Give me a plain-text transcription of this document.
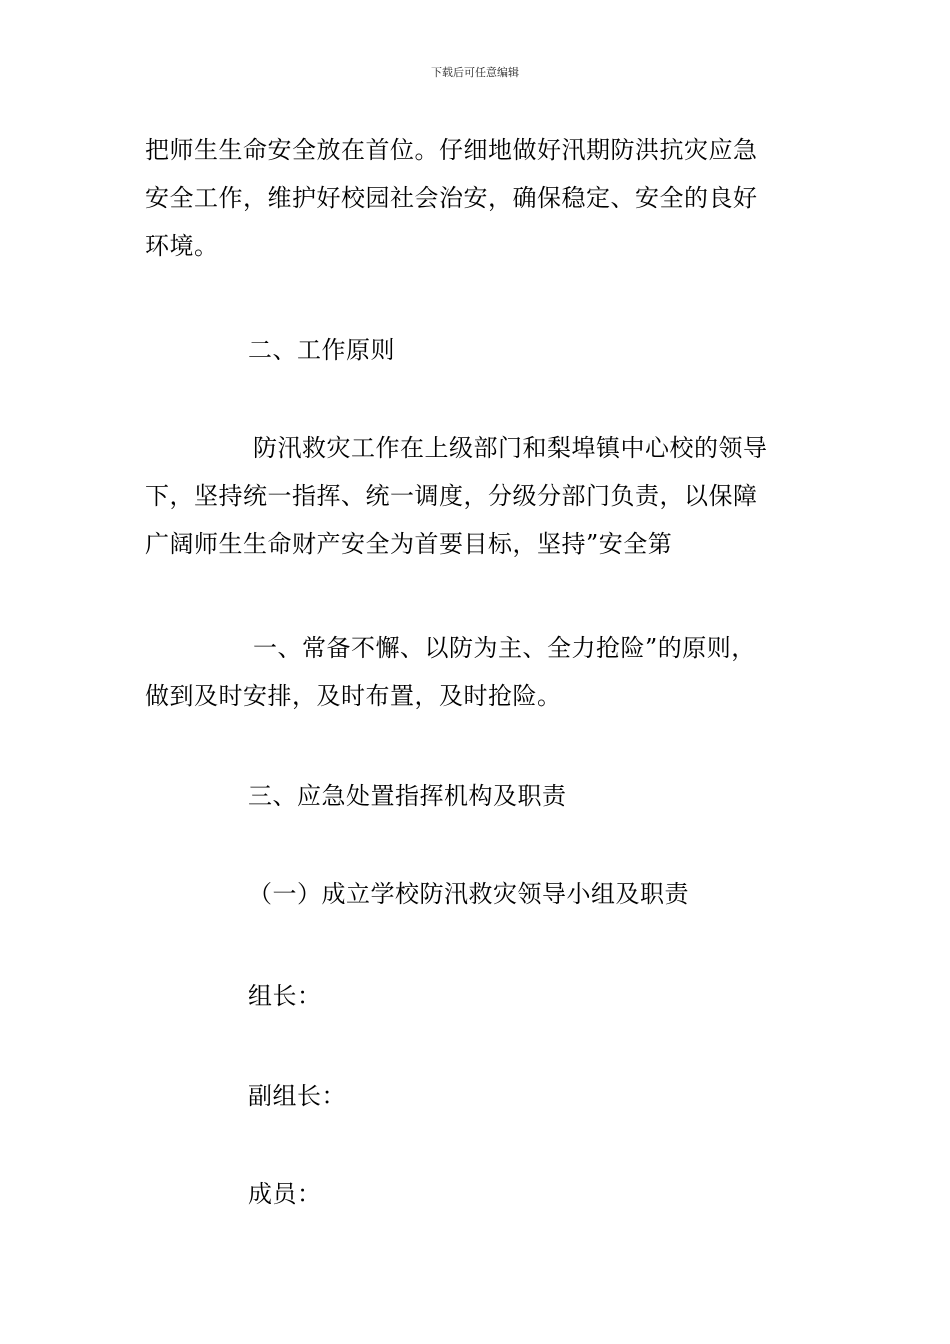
下载后可任意编辑
把师生生命安全放在首位。仔细地做好汛期防洪抗灾应急
安全工作，维护好校园社会治安，确保稳定、安全的良好
环境。
二、工作原则
防汛救灾工作在上级部门和梨埠镇中心校的领导
下，坚持统一指挥、统一调度，分级分部门负责，以保障
广阔师生生命财产安全为首要目标，坚持”安全第
一、常备不懈、以防为主、全力抢险”的原则，
做到及时安排，及时布置，及时抢险。
三、应急处置指挥机构及职责
（一）成立学校防汛救灾领导小组及职责
组长：
副组长：
成员：
